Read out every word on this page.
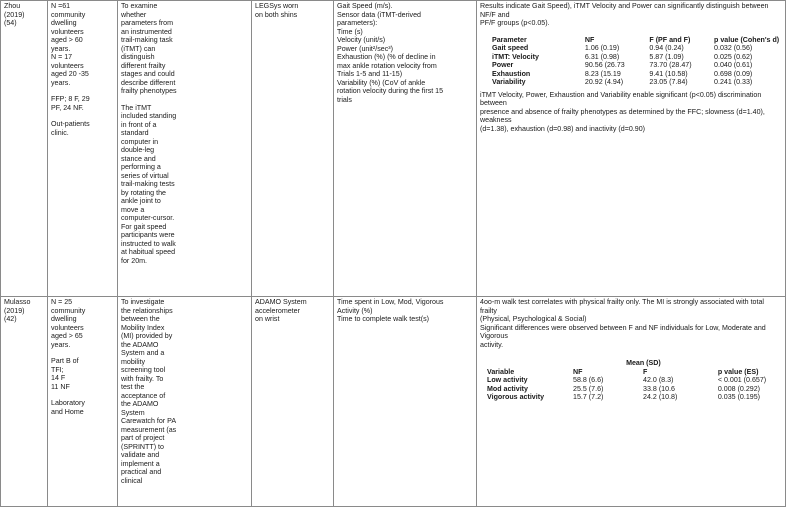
Zhou
(2019)
(54)

N =61
community
dwelling
volunteers
aged > 60
years.
N = 17
volunteers
aged 20 -35
years.
FFP; 8 F, 29
PF, 24 NF.
Out-patients
clinic.

To examine
whether
parameters from
an instrumented
trail-making task
(iTMT) can
distinguish
different frailty
stages and could
describe different
frailty phenotypes
The iTMT
included standing
in front of a
standard
computer in
double-leg
stance and
performing a
series of virtual
trail-making tests
by rotating the
ankle joint to
move a
computer-cursor.
For gait speed
participants were
instructed to walk
at habitual speed
for 20m.

LEGSys worn
on both shins

Gait Speed (m/s).
Sensor data (iTMT-derived
parameters):
Time (s)
Velocity (unit/s)
Power (unit²/sec³)
Exhaustion (%) (% of decline in
max ankle rotation velocity from
Trials 1-5 and 11-15)
Variability (%) (CoV of ankle
rotation velocity during the first 15
trials

Results indicate Gait Speed), iTMT Velocity and Power can significantly distinguish between NF/F and
PF/F groups (p<0.05).
Parameter	NF	F (PF and F)	p value (Cohen's d)
Gait speed	1.06 (0.19)	0.94 (0.24)	0.032 (0.56)
iTMT: Velocity	6.31 (0.98)	5.87 (1.09)	0.025 (0.62)
Power	90.56 (26.73	73.70 (28.47)	0.040 (0.61)
Exhaustion	8.23 (15.19	9.41 (10.58)	0.698 (0.09)
Variability	20.92 (4.94)	23.05 (7.84)	0.241 (0.33)
iTMT Velocity, Power, Exhaustion and Variability enable significant (p<0.05) discrimination between
presence and absence of frailty phenotypes as determined by the FFC; slowness (d=1.40), weakness
(d=1.38), exhaustion (d=0.98) and inactivity (d=0.90)

Mulasso
(2019)
(42)

N = 25
community
dwelling
volunteers
aged > 65
years.
Part B of
TFI;
14 F
11 NF
Laboratory
and Home

To investigate
the relationships
between the
Mobility Index
(MI) provided by
the ADAMO
System and a
mobility
screening tool
with frailty. To
test the
acceptance of
the ADAMO
System
Carewatch for PA
measurement (as
part of project
(SPRINTT) to
validate and
implement a
practical and
clinical

ADAMO System
accelerometer
on wrist

Time spent in Low, Mod, Vigorous
Activity (%)
Time to complete walk test(s)

4oo-m walk test correlates with physical frailty only. The MI is strongly associated with total frailty
(Physical, Psychological & Social)
Significant differences were observed between F and NF individuals for Low, Moderate and Vigorous
activity.
	Mean (SD)	
Variable	NF	F	p value (ES)
Low activity	58.8 (6.6)	42.0 (8.3)	< 0.001 (0.657)
Mod activity	25.5 (7.6)	33.8 (10.6	0.008 (0.292)
Vigorous activity	15.7 (7.2)	24.2 (10.8)	0.035 (0.195)
